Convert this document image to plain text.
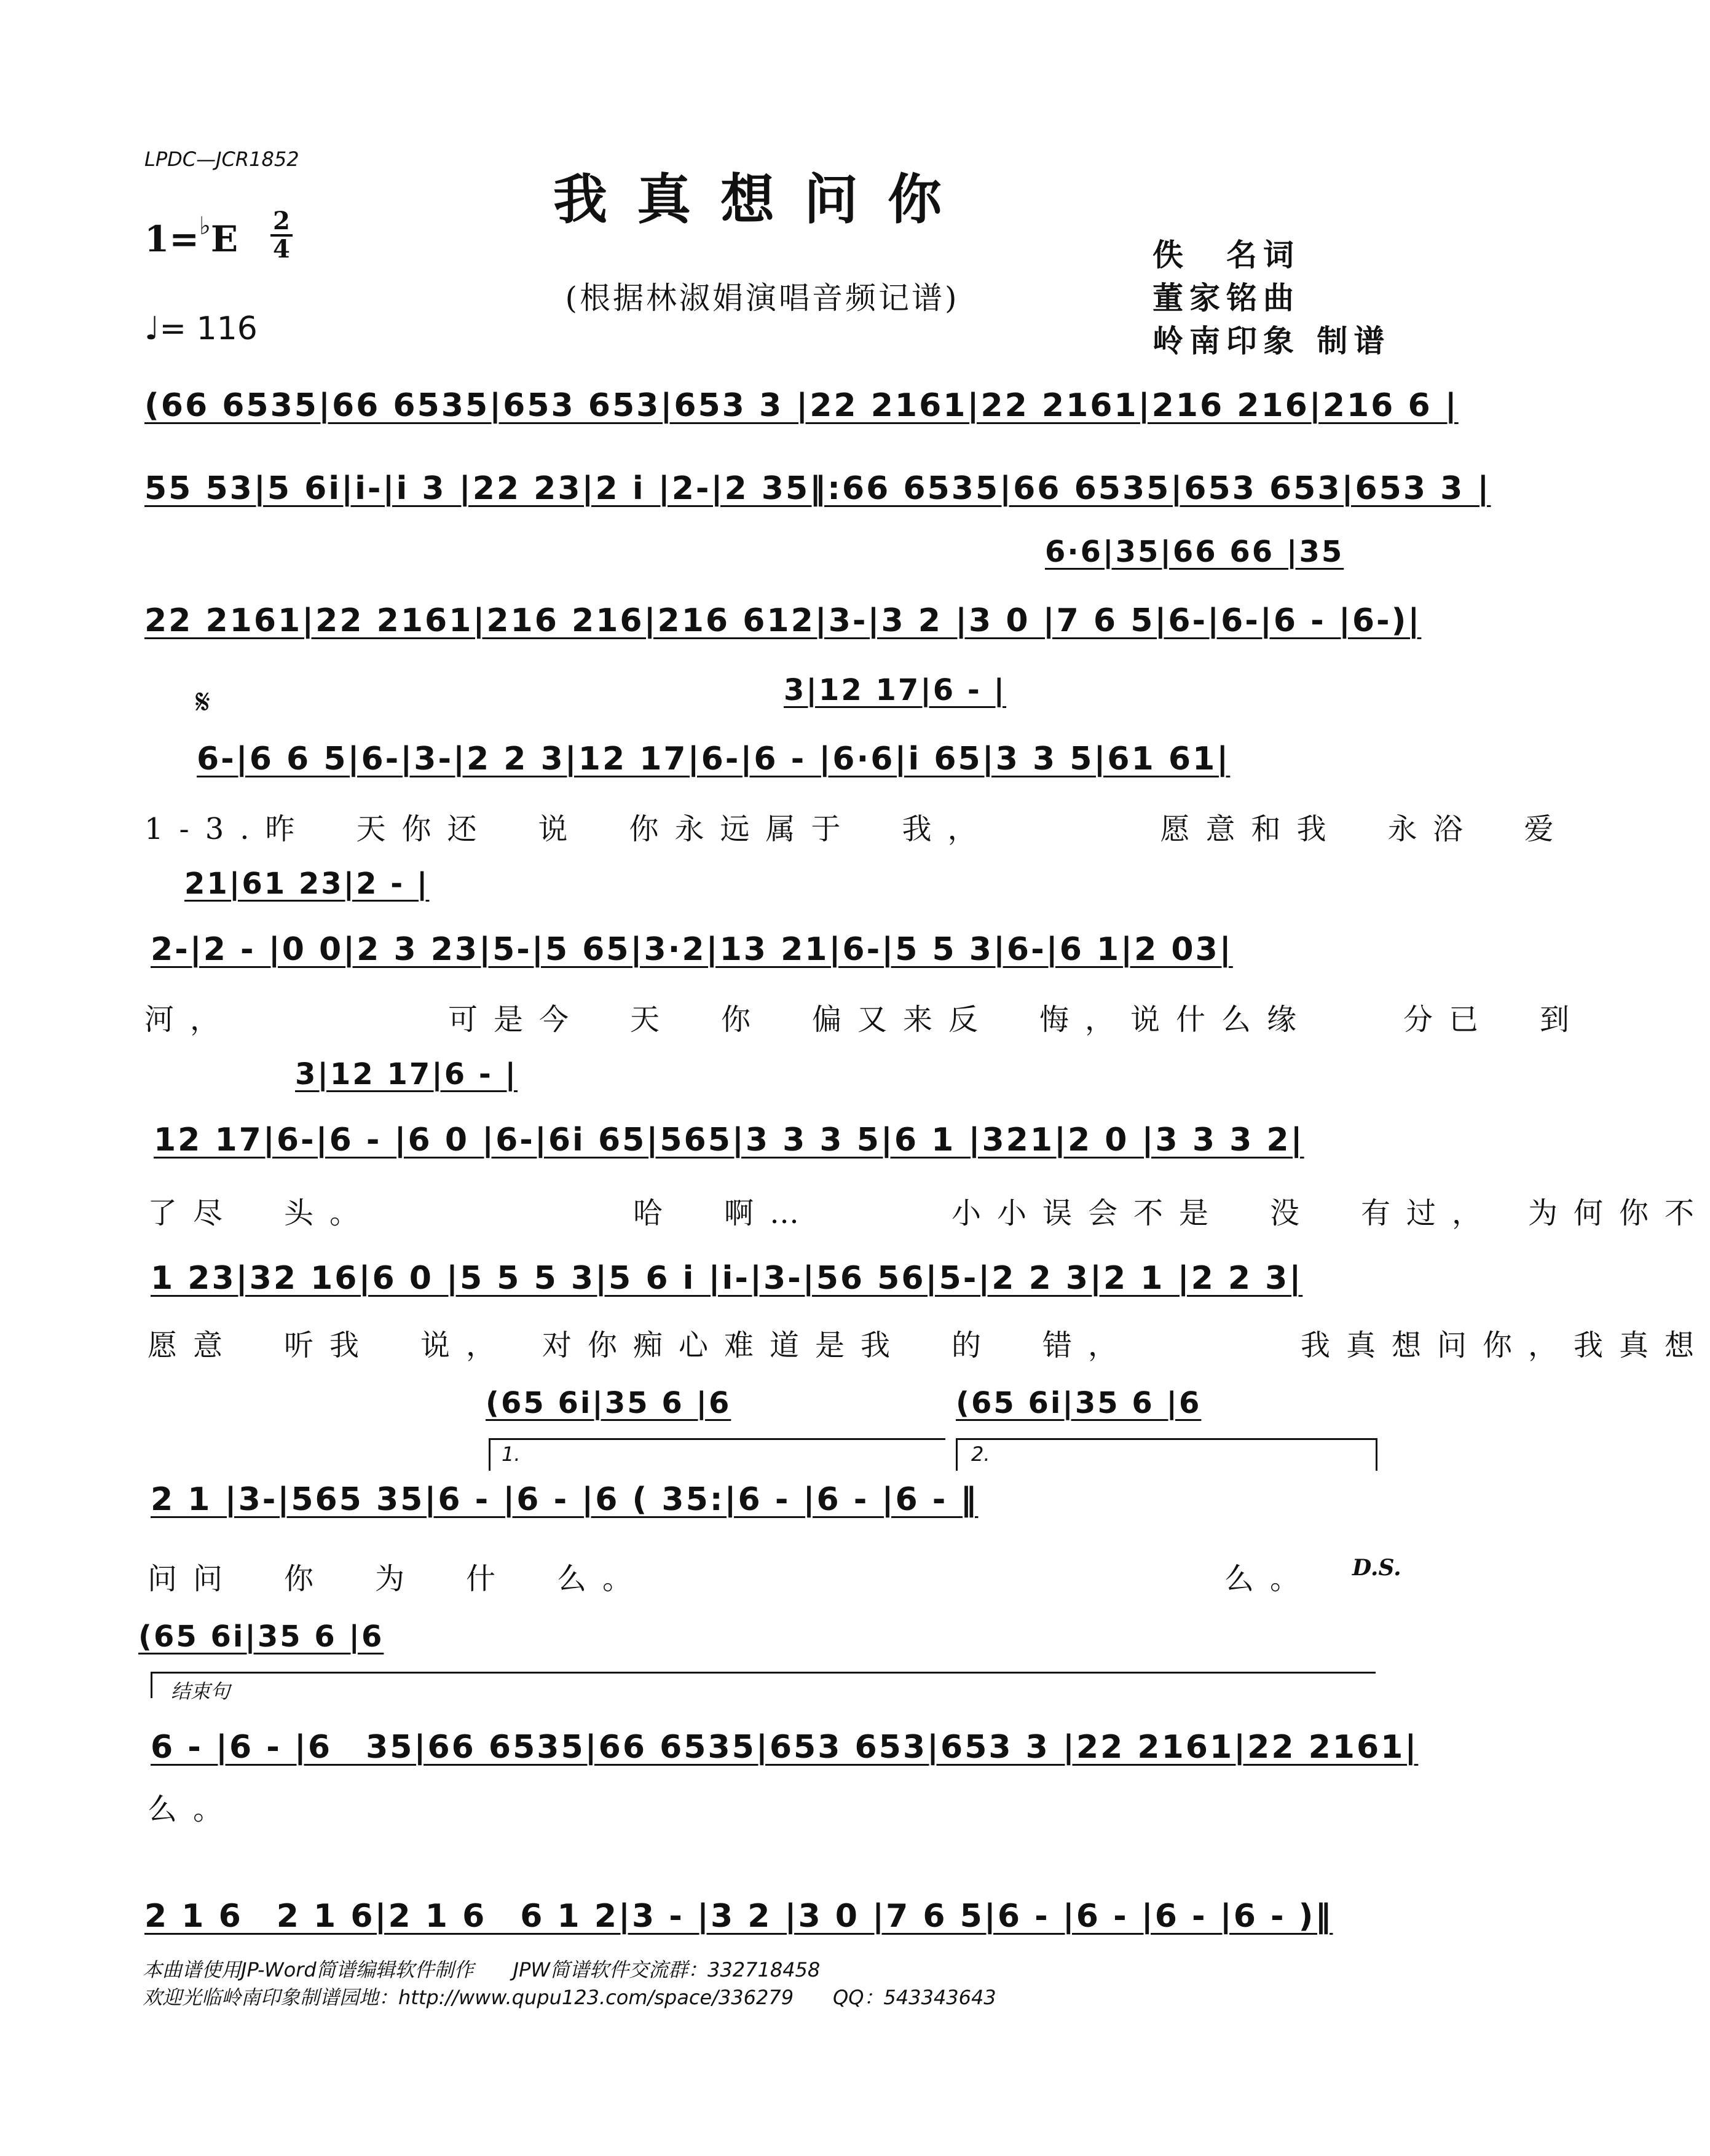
LPDC—JCR1852
我真想问你
(根据林淑娟演唱音频记谱)
1=♭E 2
4
♩= 116
佚　名词
董家铭曲
岭南印象 制谱
(66 6535|66 6535|653 653|653 3 |22 2161|22 2161|216 216|216 6 |
55 53|5 6i|i-|i 3 |22 23|2 i |2-|2 35‖:66 6535|66 6535|653 653|653 3 |
6·6|35|66 66 |35
22 2161|22 2161|216 216|216 612|3-|3 2 |3 0 |7 6 5|6-|6-|6 - |6-)|
𝄋	3|12 17|6 - |
6-|6 6 5|6-|3-|2 2 3|12 17|6-|6 - |6·6|i 65|3 3 5|61 61|
1-3.昨　天你还　说　你永远属于　我，　　　　愿意和我　永浴　爱
21|61 23|2 - |
2-|2 - |0 0|2 3 23|5-|5 65|3·2|13 21|6-|5 5 3|6-|6 1|2 03|
河，　　　　　可是今　天　你　偏又来反　悔，说什么缘　　分已　到
3|12 17|6 - |
12 17|6-|6 - |6 0 |6-|6i 65|565|3 3 3 5|6 1 |321|2 0 |3 3 3 2|
了尽　头。　　　　　　哈　啊…　　　小小误会不是　没　有过，　为何你不
1 23|32 16|6 0 |5 5 5 3|5 6 i |i-|3-|56 56|5-|2 2 3|2 1 |2 2 3|
愿意　听我　说，　对你痴心难道是我　的　错，　　　　我真想问你，我真想
(65 6i|35 6 |6	(65 6i|35 6 |6
1.	2.
2 1 |3-|565 35|6 - |6 - |6 ( 35:|6 - |6 - |6 - ‖
问问　你　为　什　么。　　　　　　　　　　　　　么。 D.S.
(65 6i|35 6 |6
结束句
6 - |6 - |6　35|66 6535|66 6535|653 653|653 3 |22 2161|22 2161|
么。
2 1 6　2 1 6|2 1 6　6 1 2|3 - |3 2 |3 0 |7 6 5|6 - |6 - |6 - |6 - )‖
本曲谱使用JP-Word简谱编辑软件制作　　JPW简谱软件交流群：332718458
欢迎光临岭南印象制谱园地：http://www.qupu123.com/space/336279　　QQ：543343643
